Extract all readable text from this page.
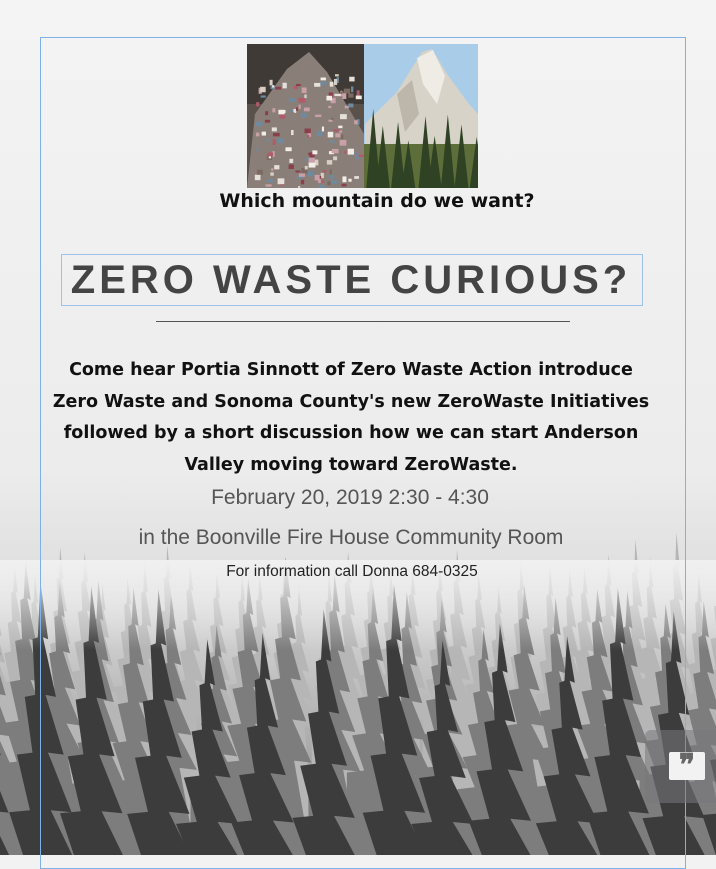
Which mountain do we want?
ZERO WASTE CURIOUS?
Come hear Portia Sinnott of Zero Waste Action introduce Zero Waste and Sonoma County's new ZeroWaste Initiatives followed by a short discussion how we can start Anderson Valley moving toward ZeroWaste.
February 20, 2019 2:30 - 4:30
in the Boonville Fire House Community Room
For information call Donna 684-0325
❞
